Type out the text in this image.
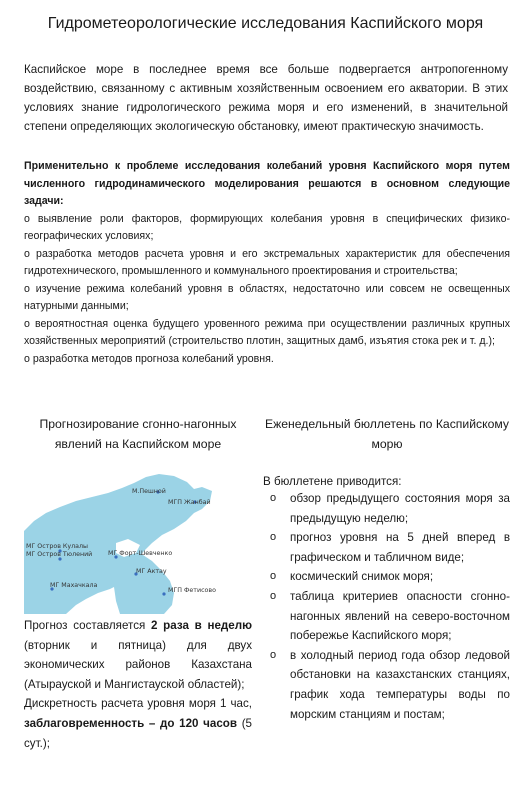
Гидрометеорологические исследования Каспийского моря
Каспийское море в последнее время все больше подвергается антропогенному воздействию, связанному с активным хозяйственным освоением его акватории. В этих условиях знание гидрологического режима моря и его изменений, в значительной степени определяющих экологическую обстановку, имеют практическую значимость.

Применительно к проблеме исследования колебаний уровня Каспийского моря путем численного гидродинамического моделирования решаются в основном следующие задачи:

о выявление роли факторов, формирующих колебания уровня в специфических физико-географических условиях;

о разработка методов расчета уровня и его экстремальных характеристик для обеспечения гидротехнического, промышленного и коммунального проектирования и строительства;

о изучение режима колебаний уровня в областях, недостаточно или совсем не освещенных натурными данными;

о вероятностная оценка будущего уровенного режима при осуществлении различных крупных хозяйственных мероприятий (строительство плотин, защитных дамб, изъятия стока рек и т. д.);

о разработка методов прогноза колебаний уровня.

Прогнозирование сгонно-нагонных явлений на Каспийском море

М.Пешной
МГП Жанбай
МГ Остров Кулалы
МГ Остров Тюлений МГ Форт-Шевченко
МГ Актау
МГ Махачкала
МГП Фетисово

Прогноз составляется 2 раза в неделю (вторник и пятница) для двух экономических районов Казахстана (Атырауской и Мангистауской областей);

Дискретность расчета уровня моря 1 час, заблаговременность – до 120 часов (5 сут.);

Еженедельный бюллетень по Каспийскому морю

В бюллетене приводится:
o обзор предыдущего состояния моря за предыдущую неделю;
o прогноз уровня на 5 дней вперед в графическом и табличном виде;
o космический снимок моря;
o таблица критериев опасности сгонно-нагонных явлений на северо-восточном побережье Каспийского моря;
o в холодный период года обзор ледовой обстановки на казахстанских станциях, график хода температуры воды по морским станциям и постам;
